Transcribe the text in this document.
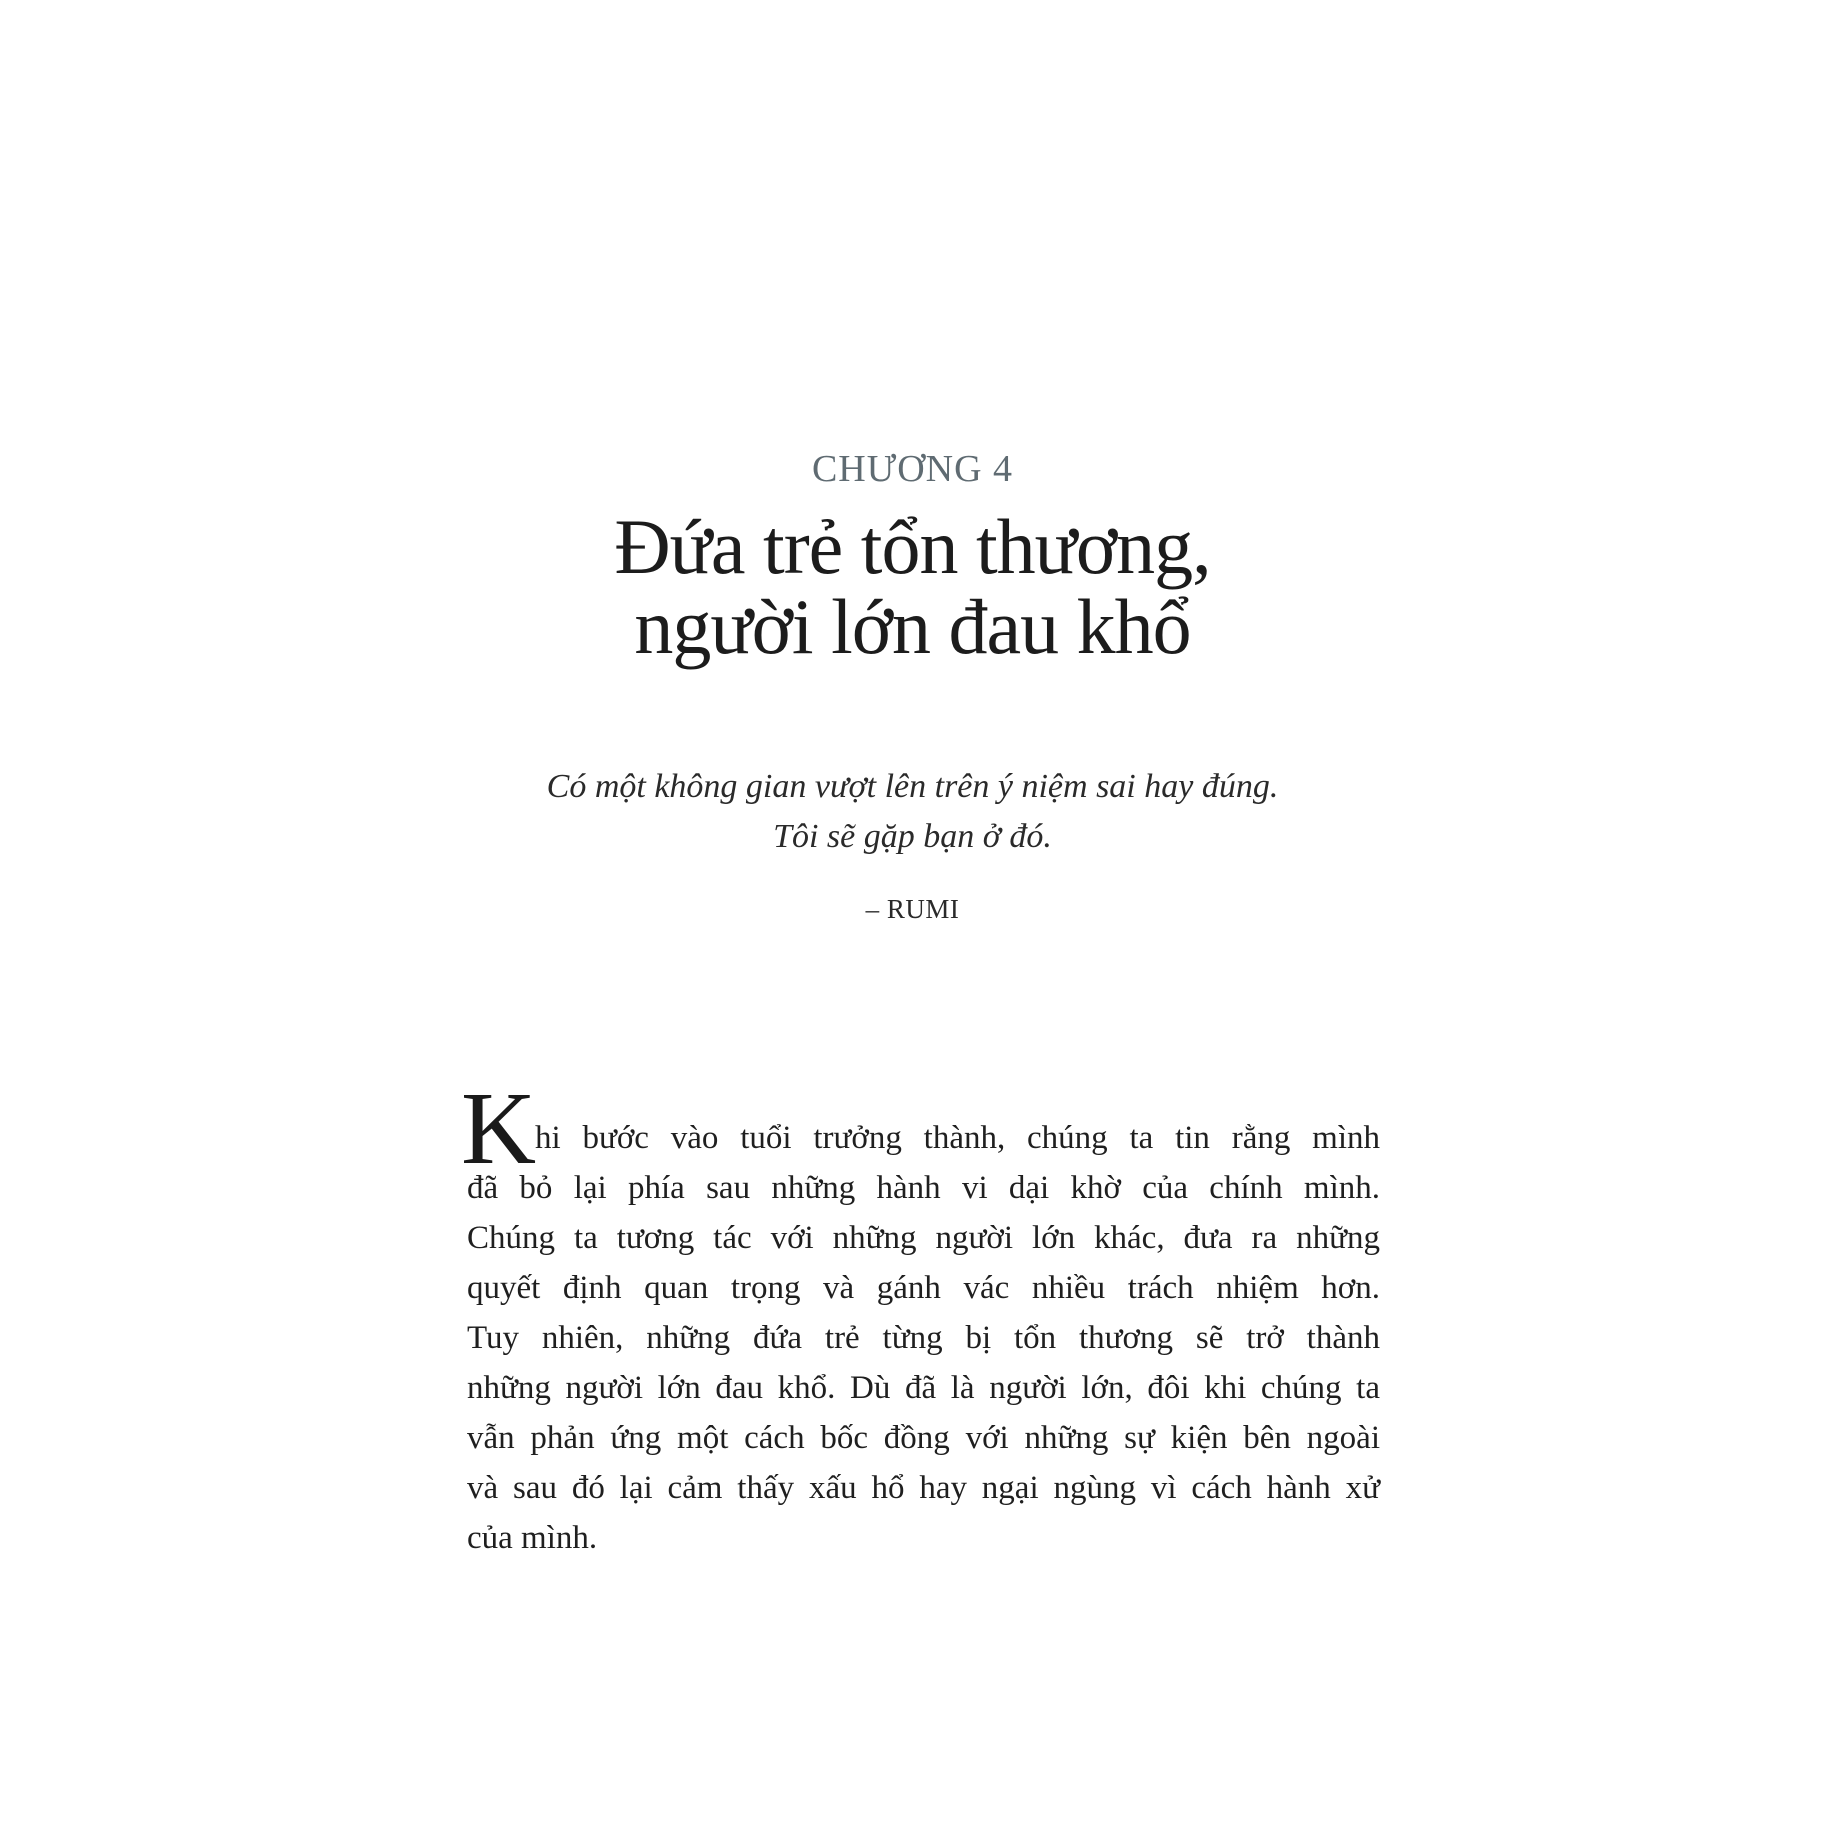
CHƯƠNG 4
Đứa trẻ tổn thương,
người lớn đau khổ
Có một không gian vượt lên trên ý niệm sai hay đúng.
Tôi sẽ gặp bạn ở đó.
– RUMI
K
hi bước vào tuổi trưởng thành, chúng ta tin rằng mình
đã bỏ lại phía sau những hành vi dại khờ của chính mình.
Chúng ta tương tác với những người lớn khác, đưa ra những
quyết định quan trọng và gánh vác nhiều trách nhiệm hơn.
Tuy nhiên, những đứa trẻ từng bị tổn thương sẽ trở thành
những người lớn đau khổ. Dù đã là người lớn, đôi khi chúng ta
vẫn phản ứng một cách bốc đồng với những sự kiện bên ngoài
và sau đó lại cảm thấy xấu hổ hay ngại ngùng vì cách hành xử
của mình.
